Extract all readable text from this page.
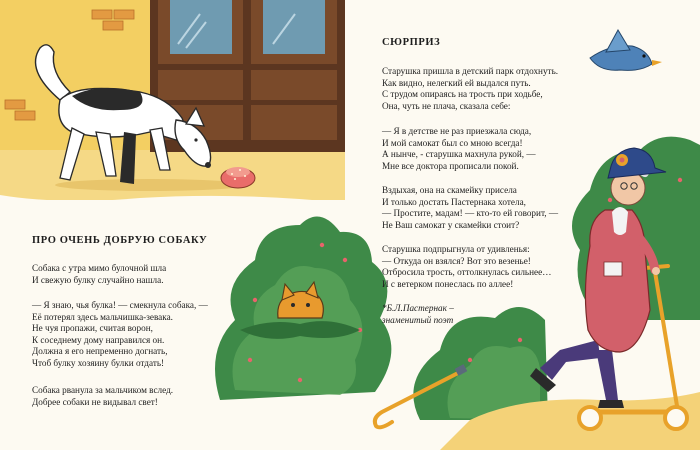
ПРО ОЧЕНЬ ДОБРУЮ СОБАКУ
Собака с утра мимо булочной шла
И свежую булку случайно нашла.
— Я знаю, чья булка! — смекнула собака, —
Её потерял здесь мальчишка-зевака.
Не чуя пропажи, считая ворон,
К соседнему дому направился он.
Должна я его непременно догнать,
Чтоб булку хозяину булки отдать!
Собака рванула за мальчиком вслед.
Добрее собаки не видывал свет!
СЮРПРИЗ
Старушка пришла в детский парк отдохнуть.
Как видно, нелегкий ей выдался путь.
С трудом опираясь на трость при ходьбе,
Она, чуть не плача, сказала себе:
— Я в детстве не раз приезжала сюда,
И мой самокат был со мною всегда!
А нынче, - старушка махнула рукой, —
Мне все доктора прописали покой.
Вздыхая, она на скамейку присела
И только достать Пастернака хотела,
— Простите, мадам! — кто-то ей говорит, —
Не Ваш самокат у скамейки стоит?
Старушка подпрыгнула от удивленья:
— Откуда он взялся? Вот это везенье!
Отбросила трость, оттолкнулась сильнее…
И с ветерком понеслась по аллее!
*Б.Л.Пастернак –
знаменитый поэт
